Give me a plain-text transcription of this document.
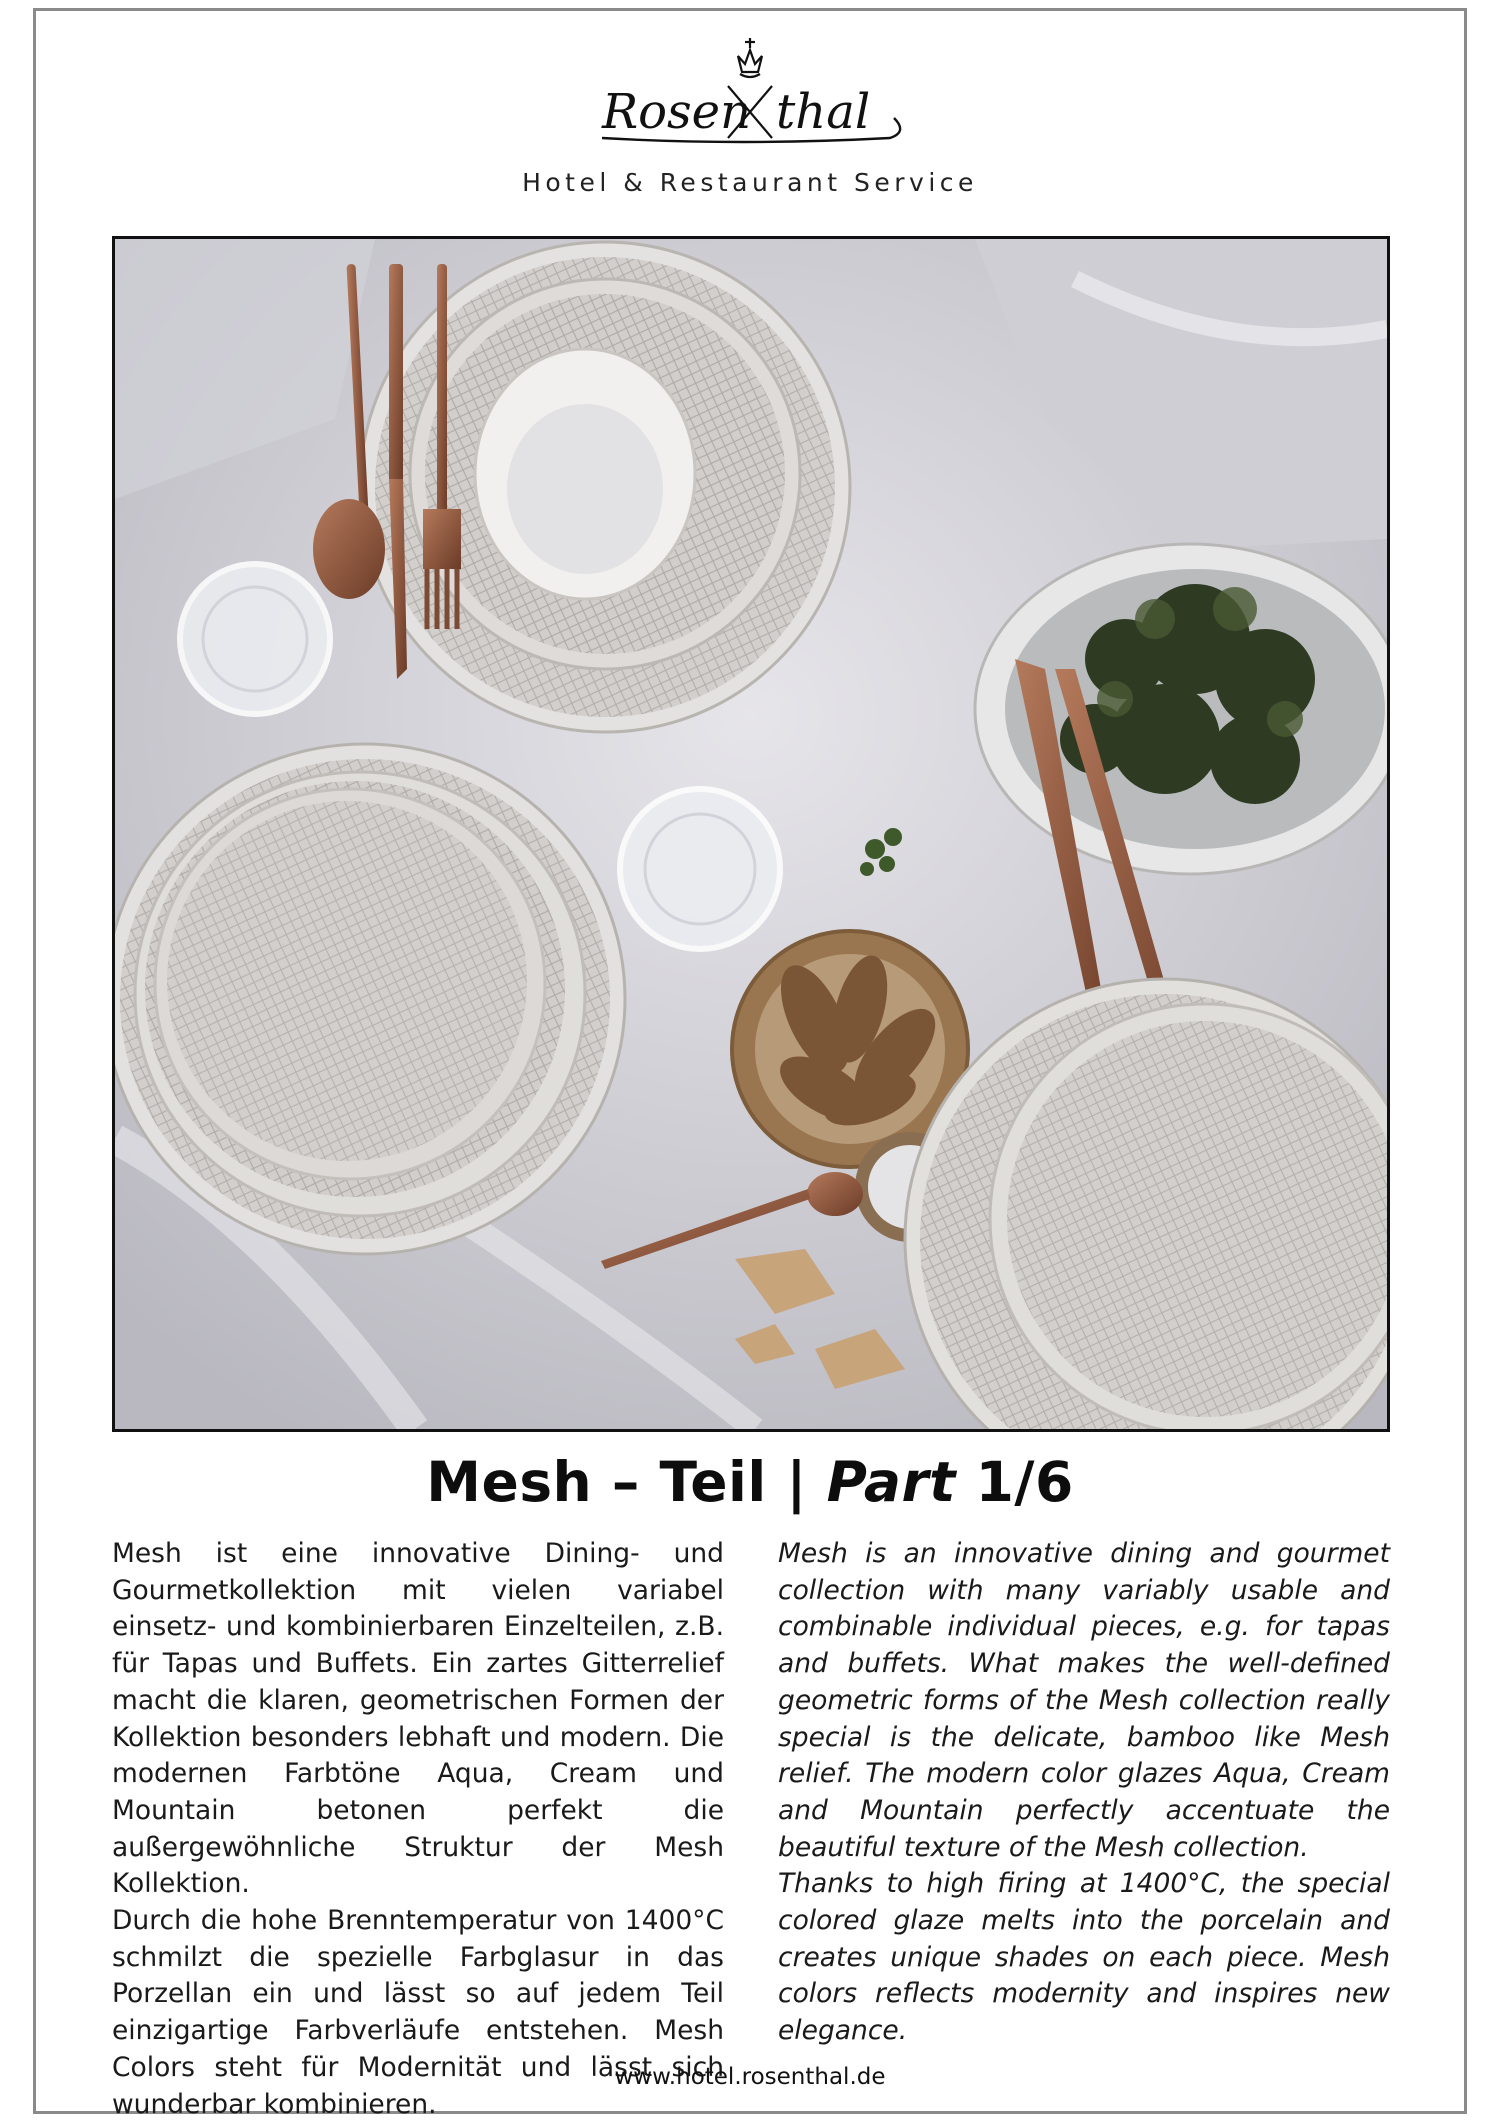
Rosen thal
Hotel & Restaurant Service
Mesh – Teil | Part 1/6

Mesh ist eine innovative Dining- und Gourmetkollektion mit vielen variabel einsetz- und kombinierbaren Einzelteilen, z.B. für Tapas und Buffets. Ein zartes Gitterrelief macht die klaren, geometrischen Formen der Kollektion besonders lebhaft und modern. Die modernen Farbtöne Aqua, Cream und Mountain betonen perfekt die außergewöhnliche Struktur der Mesh Kollektion.

Durch die hohe Brenntemperatur von 1400°C schmilzt die spezielle Farbglasur in das Porzellan ein und lässt so auf jedem Teil einzigartige Farbverläufe entstehen. Mesh Colors steht für Modernität und lässt sich wunderbar kombinieren.

Mesh is an innovative dining and gourmet collection with many variably usable and combinable individual pieces, e.g. for tapas and buffets. What makes the well-defined geometric forms of the Mesh collection really special is the delicate, bamboo like Mesh relief. The modern color glazes Aqua, Cream and Mountain perfectly accentuate the beautiful texture of the Mesh collection.

Thanks to high firing at 1400°C, the special colored glaze melts into the porcelain and creates unique shades on each piece. Mesh colors reflects modernity and inspires new elegance.

www.hotel.rosenthal.de
